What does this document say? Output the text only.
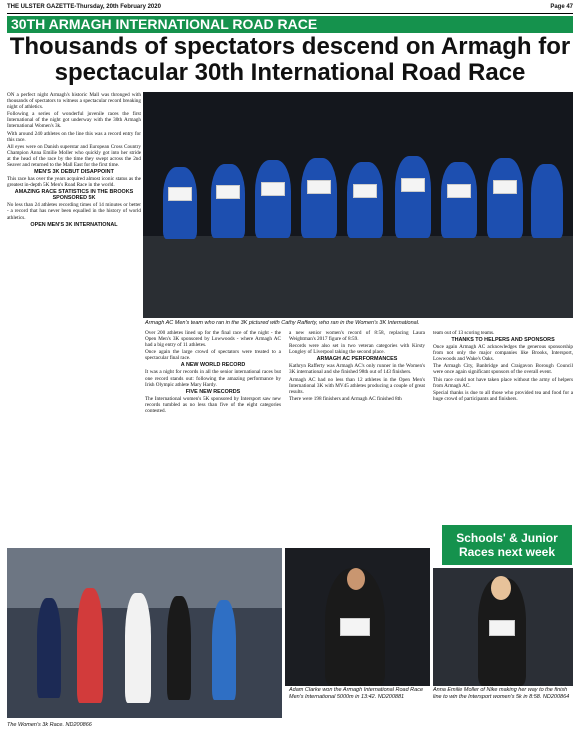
THE ULSTER GAZETTE-Thursday, 20th February 2020	Page 47
30TH ARMAGH INTERNATIONAL ROAD RACE
Thousands of spectators descend on Armagh for spectacular 30th International Road Race

ON a perfect night Armagh's historic Mall was thronged with thousands of spectators to witness a spectacular record breaking night of athletics.

Following a series of wonderful juvenile races the first International of the night got underway with the 30th Armagh International Women's 3k.

With around 240 athletes on the line this was a record entry for this race.

All eyes were on Danish superstar and European Cross Country Champion Anna Emilie Moller who quickly got into her stride at the head of the race by the time they swept across the 2nd Seaver and returned to the Mall East for the first time.

MEN'S 3K DEBUT DISAPPOINT

This race has over the years acquired almost iconic status as the greatest in-depth 5K Men's Road Race in the world.

AMAZING RACE STATISTICS IN THE BROOKS SPONSORED 5K

No less than 24 athletes recording times of 14 minutes or better - a record that has never been equalled in the history of world athletics.

OPEN MEN'S 3K INTERNATIONAL
Armagh AC Men's team who ran in the 3K pictured with Cathy Rafferty, who ran in the Women's 3K International.

Over 200 athletes lined up for the final race of the night - the Open Men's 3K sponsored by Lowwoods - where Armagh AC had a big entry of 11 athletes.

Once again the large crowd of spectators were treated to a spectacular final race.

A NEW WORLD RECORD

It was a night for records in all the senior international races but one record stands out: following the amazing performance by Irish Olympic athlete Mary Hardy.

FIVE NEW RECORDS

The International women's 5K sponsored by Intersport saw new records tumbled as no less than five of the eight categories contested.

a new senior women's record of 8:58, replacing Laura Weightman's 2017 figure of 8:59.

Records were also set in two veteran categories with Kirsty Longley of Liverpool taking the second place.

ARMAGH AC PERFORMANCES

Kathryn Rafferty was Armagh AC's only runner in the Women's 3K international and she finished 98th out of 143 finishers.

Armagh AC had no less than 12 athletes in the Open Men's International 3K with MV45 athletes producing a couple of great results.

There were 198 finishers and Armagh AC finished 8th

team out of 13 scoring teams.

THANKS TO HELPERS AND SPONSORS

Once again Armagh AC acknowledges the generous sponsorship from not only the major companies like Brooks, Intersport, Lowwoods and Wake's Oaks.

The Armagh City, Banbridge and Craigavon Borough Council were once again significant sponsors of the overall event.

This race could not have taken place without the army of helpers from Armagh AC.

Special thanks is due to all those who provided tea and food for a huge crowd of participants and finishers.

Schools' & Junior Races next week
The Women's 3k Race. ND200866
Adam Clarke won the Armagh International Road Race Men's International 5000m in 13:42. ND200881
Anna Emilie Moller of Nike making her way to the finish line to win the Intersport women's 5k in 8:58. ND200864
